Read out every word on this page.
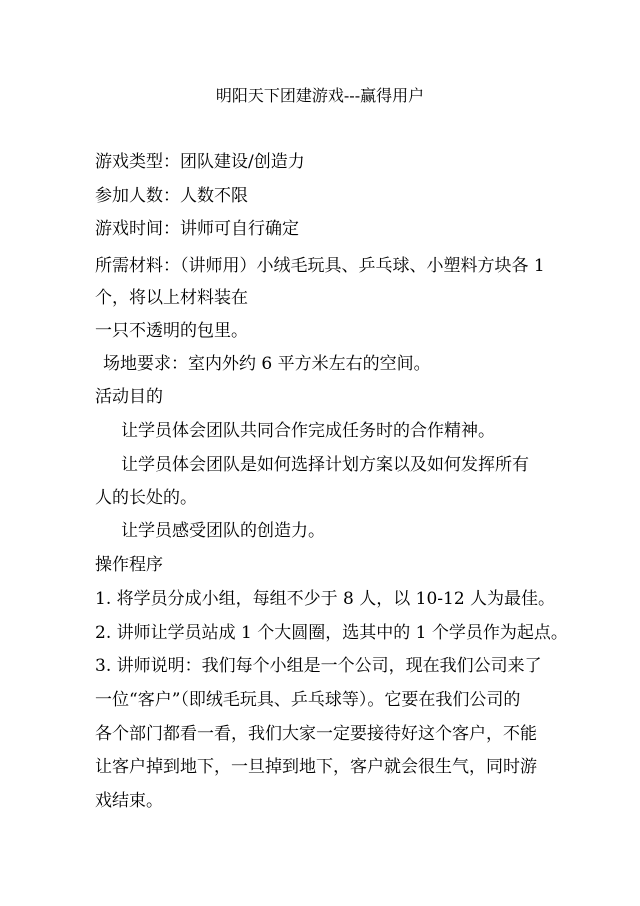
明阳天下团建游戏---赢得用户
游戏类型：团队建设/创造力
参加人数：人数不限
游戏时间：讲师可自行确定
所需材料：（讲师用）小绒毛玩具、乒乓球、小塑料方块各 1
个，将以上材料装在
一只不透明的包里。
场地要求：室内外约 6 平方米左右的空间。
活动目的
让学员体会团队共同合作完成任务时的合作精神。
让学员体会团队是如何选择计划方案以及如何发挥所有
人的长处的。
让学员感受团队的创造力。
操作程序
1. 将学员分成小组，每组不少于 8 人，以 10-12 人为最佳。
2. 讲师让学员站成 1 个大圆圈，选其中的 1 个学员作为起点。
3. 讲师说明：我们每个小组是一个公司，现在我们公司来了
一位“客户”（即绒毛玩具、乒乓球等）。它要在我们公司的
各个部门都看一看，我们大家一定要接待好这个客户，不能
让客户掉到地下，一旦掉到地下，客户就会很生气，同时游
戏结束。
